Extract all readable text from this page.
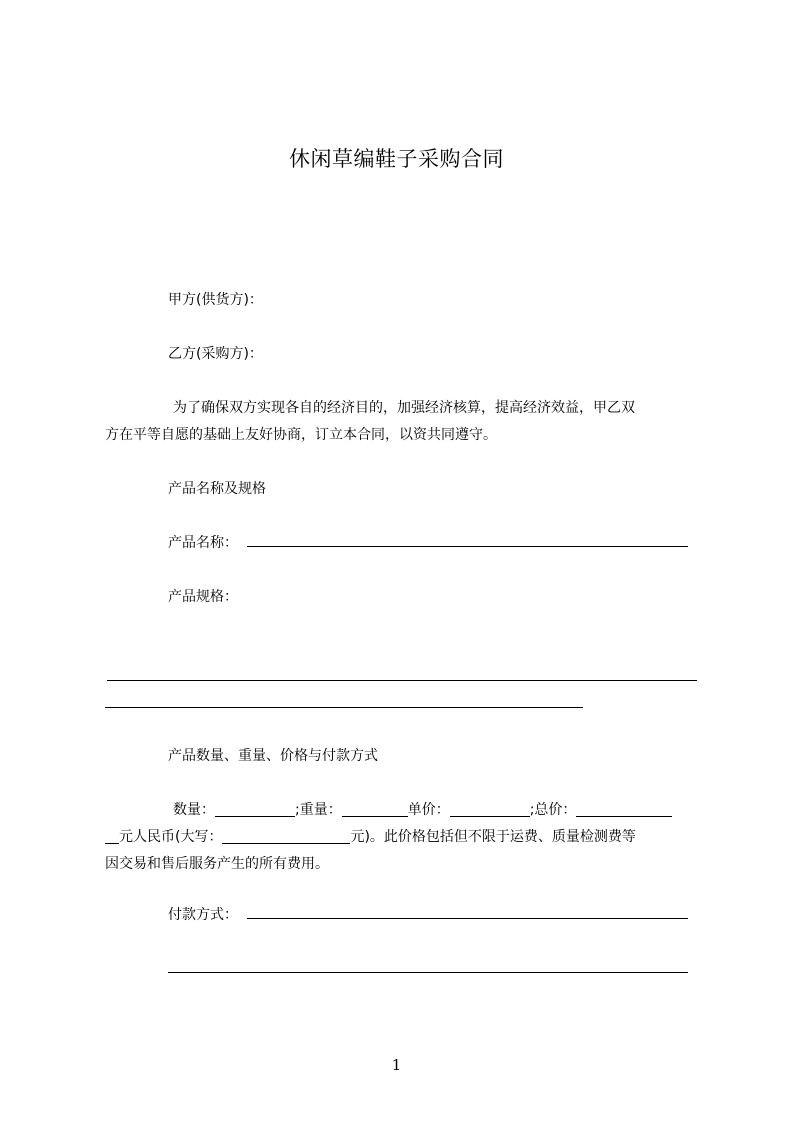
休闲草编鞋子采购合同
甲方(供货方)：
乙方(采购方)：
为了确保双方实现各自的经济目的，加强经济核算，提高经济效益，甲乙双
方在平等自愿的基础上友好协商，订立本合同，以资共同遵守。
产品名称及规格
产品名称：
产品规格：
产品数量、重量、价格与付款方式
数量：	;重量：	单价：	;总价：
元人民币(大写：	元)。此价格包括但不限于运费、质量检测费等
因交易和售后服务产生的所有费用。
付款方式：
1
